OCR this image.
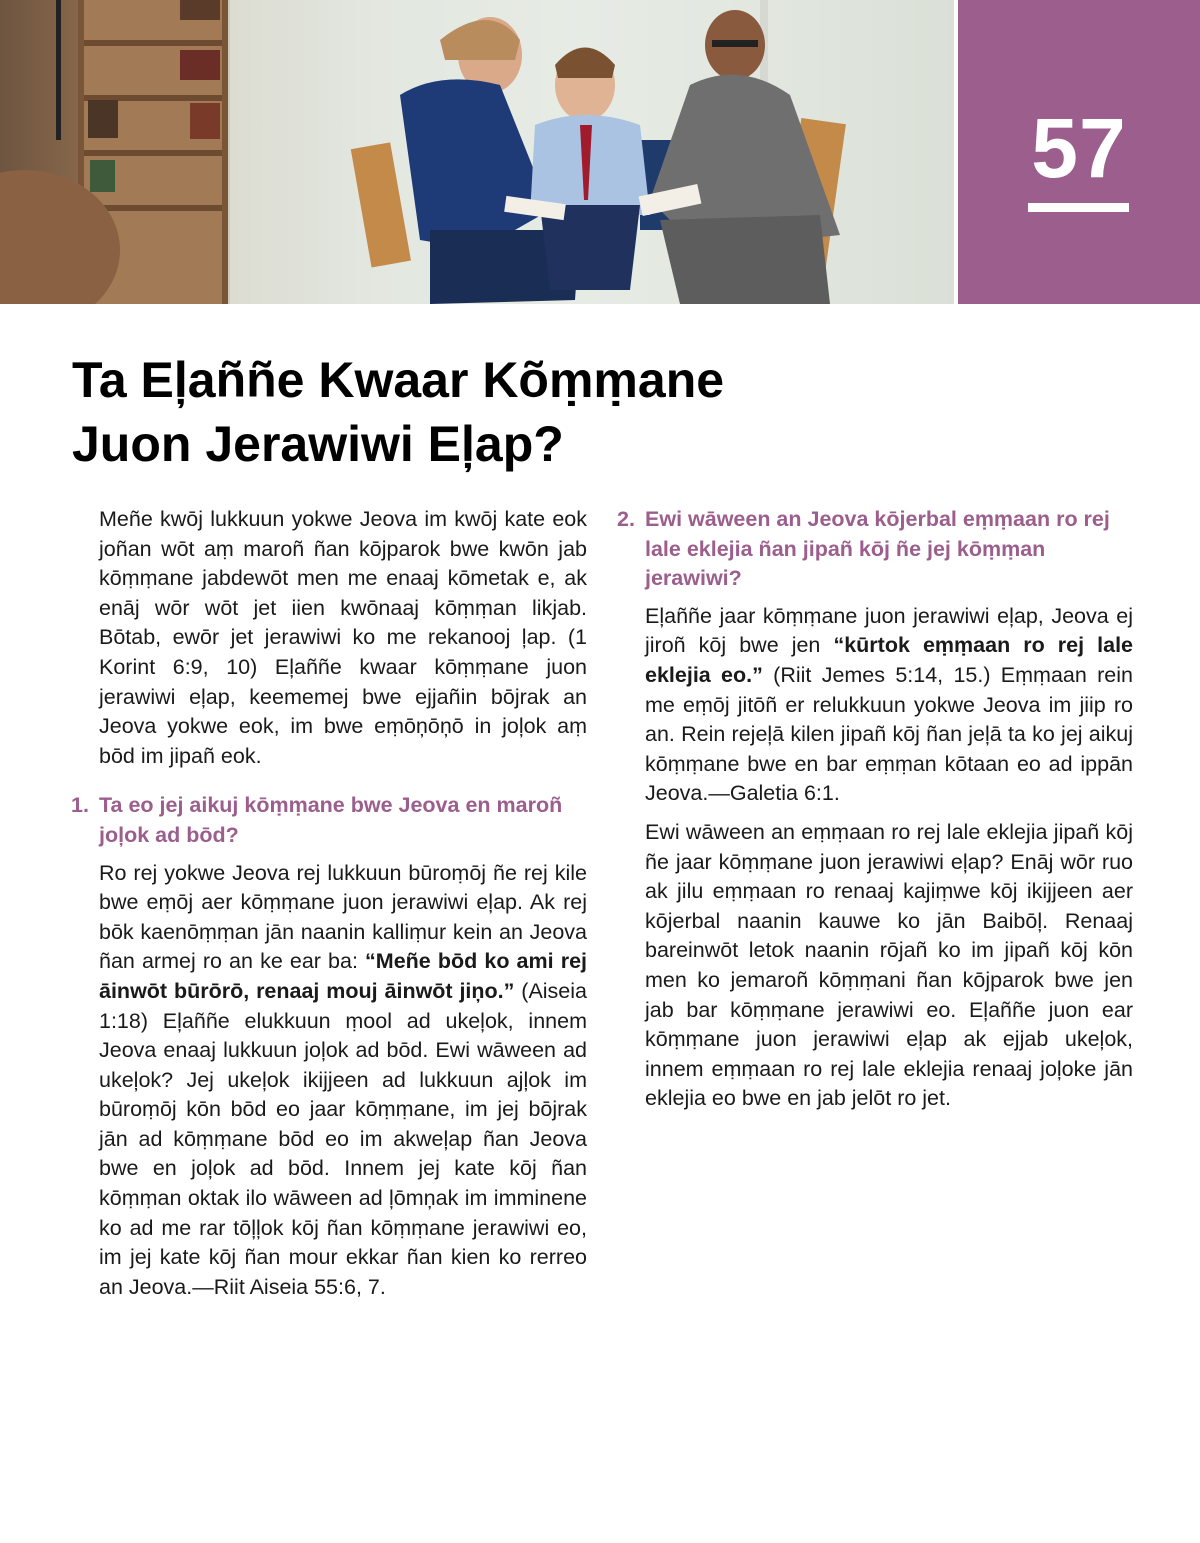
57
Ta Eļaññe Kwaar Kõṃṃane
Juon Jerawiwi Eļap?

Meñe kwōj lukkuun yokwe Jeova im kwōj kate eok joñan wōt aṃ maroñ ñan kōjparok bwe kwōn jab kōṃṃane jabdewōt men me enaaj kōmetak e, ak enāj wōr wōt jet iien kwōnaaj kōṃṃan likjab. Bōtab, ewōr jet jerawiwi ko me rekanooj ļap. (1 Korint 6:9, 10) Eļaññe kwaar kōṃṃane juon jerawiwi eļap, keememej bwe ejjañin bōjrak an Jeova yokwe eok, im bwe eṃōņōņō in joļok aṃ bōd im jipañ eok.

1. Ta eo jej aikuj kōṃṃane bwe Jeova en maroñ joļok ad bōd?

Ro rej yokwe Jeova rej lukkuun būroṃōj ñe rej kile bwe eṃōj aer kōṃṃane juon jerawiwi eļap. Ak rej bōk kaenōṃṃan jān naanin kalliṃur kein an Jeova ñan armej ro an ke ear ba: “Meñe bōd ko ami rej āinwōt būrōrō, renaaj mouj āinwōt jiņo.” (Aiseia 1:18) Eļaññe elukkuun ṃool ad ukeļok, innem Jeova enaaj lukkuun joļok ad bōd. Ewi wāween ad ukeļok? Jej ukeļok ikijjeen ad lukkuun ajļok im būroṃōj kōn bōd eo jaar kōṃṃane, im jej bōjrak jān ad kōṃṃane bōd eo im akweļap ñan Jeova bwe en joļok ad bōd. Innem jej kate kōj ñan kōṃṃan oktak ilo wāween ad ļōmņak im imminene ko ad me rar tōļļok kōj ñan kōṃṃane jerawiwi eo, im jej kate kōj ñan mour ekkar ñan kien ko rerreo an Jeova.—Riit Aiseia 55:6, 7.

2. Ewi wāween an Jeova kōjerbal eṃṃaan ro rej lale eklejia ñan jipañ kōj ñe jej kōṃṃan jerawiwi?

Eļaññe jaar kōṃṃane juon jerawiwi eļap, Jeova ej jiroñ kōj bwe jen “kūrtok eṃṃaan ro rej lale eklejia eo.” (Riit Jemes 5:14, 15.) Eṃṃaan rein me eṃōj jitōñ er relukkuun yokwe Jeova im jiip ro an. Rein rejeļā kilen jipañ kōj ñan jeļā ta ko jej aikuj kōṃṃane bwe en bar eṃṃan kōtaan eo ad ippān Jeova.—Galetia 6:1.

Ewi wāween an eṃṃaan ro rej lale eklejia jipañ kōj ñe jaar kōṃṃane juon jerawiwi eļap? Enāj wōr ruo ak jilu eṃṃaan ro renaaj kajiṃwe kōj ikijjeen aer kōjerbal naanin kauwe ko jān Baibōļ. Renaaj bareinwōt letok naanin rōjañ ko im jipañ kōj kōn men ko jemaroñ kōṃṃani ñan kōjparok bwe jen jab bar kōṃṃane jerawiwi eo. Eļaññe juon ear kōṃṃane juon jerawiwi eļap ak ejjab ukeļok, innem eṃṃaan ro rej lale eklejia renaaj joļoke jān eklejia eo bwe en jab jelōt ro jet.
